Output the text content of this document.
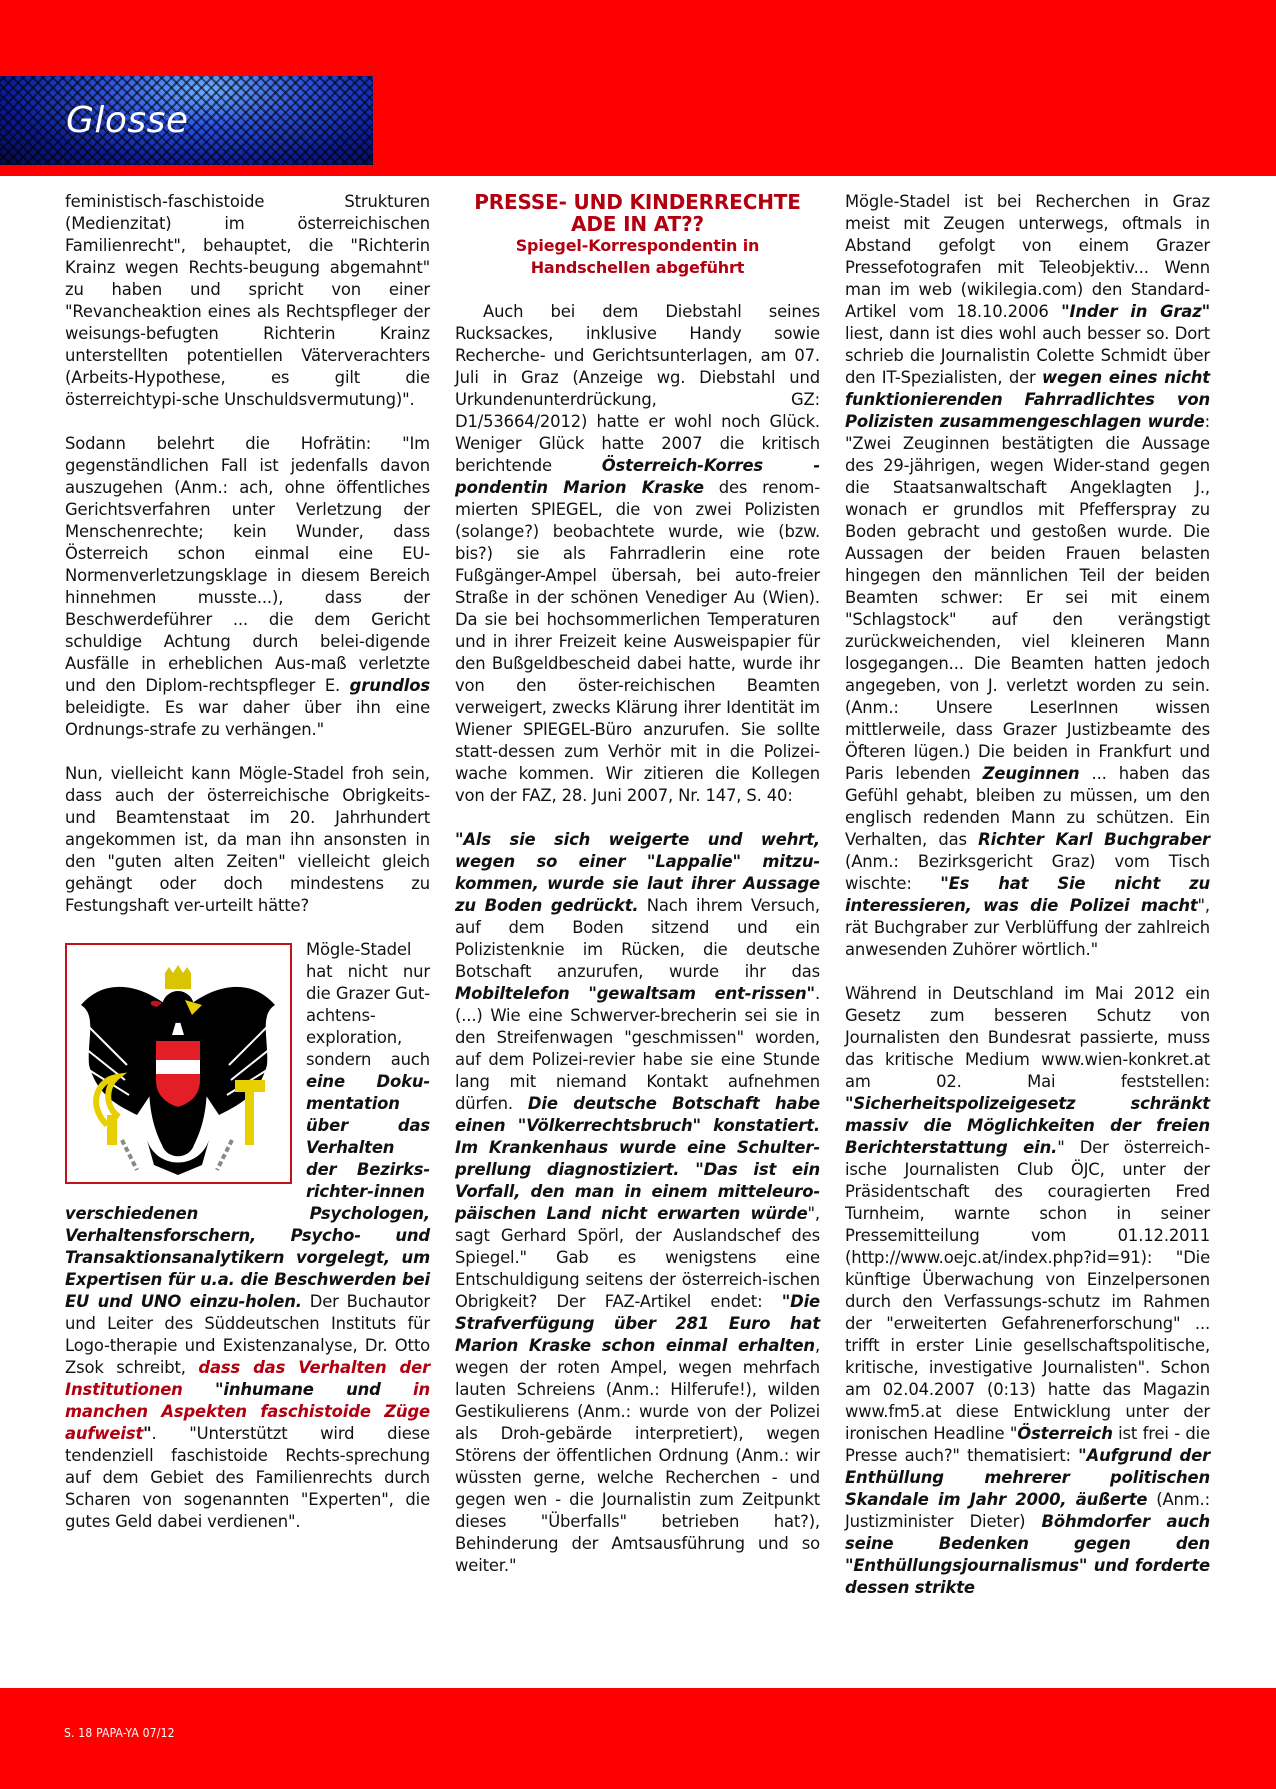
Glosse

feministisch-faschistoide Strukturen (Medienzitat) im österreichischen Familienrecht", behauptet, die "Richterin Krainz wegen Rechts-beugung abgemahnt" zu haben und spricht von einer "Revancheaktion eines als Rechtspfleger der weisungs-befugten Richterin Krainz unterstellten potentiellen Väterverachters (Arbeits-Hypothese, es gilt die österreichtypi-sche Unschuldsvermutung)".

Sodann belehrt die Hofrätin: "Im gegenständlichen Fall ist jedenfalls davon auszugehen (Anm.: ach, ohne öffentliches Gerichtsverfahren unter Verletzung der Menschenrechte; kein Wunder, dass Österreich schon einmal eine EU-Normenverletzungsklage in diesem Bereich hinnehmen musste...), dass der Beschwerdeführer ... die dem Gericht schuldige Achtung durch belei-digende Ausfälle in erheblichen Aus-maß verletzte und den Diplom-rechtspfleger E. grundlos beleidigte. Es war daher über ihn eine Ordnungs-strafe zu verhängen."

Nun, vielleicht kann Mögle-Stadel froh sein, dass auch der österreichische Obrigkeits- und Beamtenstaat im 20. Jahrhundert angekommen ist, da man ihn ansonsten in den "guten alten Zeiten" vielleicht gleich gehängt oder doch mindestens zu Festungshaft ver-urteilt hätte?

Mögle-Stadel hat nicht nur die Grazer Gut-achtens-exploration, sondern auch eine Doku-mentation über das Verhalten der Bezirks-richter-innen verschiedenen Psychologen, Verhaltensforschern, Psycho- und Transaktionsanalytikern vorgelegt, um Expertisen für u.a. die Beschwerden bei EU und UNO einzu-holen. Der Buchautor und Leiter des Süddeutschen Instituts für Logo-therapie und Existenzanalyse, Dr. Otto Zsok schreibt, dass das Verhalten der Institutionen "inhumane und in manchen Aspekten faschistoide Züge aufweist". "Unterstützt wird diese tendenziell faschistoide Rechts-sprechung auf dem Gebiet des Familienrechts durch Scharen von sogenannten "Experten", die gutes Geld dabei verdienen".
PRESSE- UND KINDERRECHTE ADE IN AT??
Spiegel-Korrespondentin in Handschellen abgeführt

Auch bei dem Diebstahl seines Rucksackes, inklusive Handy sowie Recherche- und Gerichtsunterlagen, am 07. Juli in Graz (Anzeige wg. Diebstahl und Urkundenunterdrückung, GZ: D1/53664/2012) hatte er wohl noch Glück. Weniger Glück hatte 2007 die kritisch berichtende Österreich-Korres - pondentin Marion Kraske des renom-mierten SPIEGEL, die von zwei Polizisten (solange?) beobachtete wurde, wie (bzw. bis?) sie als Fahrradlerin eine rote Fußgänger-Ampel übersah, bei auto-freier Straße in der schönen Venediger Au (Wien). Da sie bei hochsommerlichen Temperaturen und in ihrer Freizeit keine Ausweispapier für den Bußgeldbescheid dabei hatte, wurde ihr von den öster-reichischen Beamten verweigert, zwecks Klärung ihrer Identität im Wiener SPIEGEL-Büro anzurufen. Sie sollte statt-dessen zum Verhör mit in die Polizei-wache kommen. Wir zitieren die Kollegen von der FAZ, 28. Juni 2007, Nr. 147, S. 40:

"Als sie sich weigerte und wehrt, wegen so einer "Lappalie" mitzu-kommen, wurde sie laut ihrer Aussage zu Boden gedrückt. Nach ihrem Versuch, auf dem Boden sitzend und ein Polizistenknie im Rücken, die deutsche Botschaft anzurufen, wurde ihr das Mobiltelefon "gewaltsam ent-rissen". (...) Wie eine Schwerver-brecherin sei sie in den Streifenwagen "geschmissen" worden, auf dem Polizei-revier habe sie eine Stunde lang mit niemand Kontakt aufnehmen dürfen. Die deutsche Botschaft habe einen "Völkerrechtsbruch" konstatiert. Im Krankenhaus wurde eine Schulter-prellung diagnostiziert. "Das ist ein Vorfall, den man in einem mitteleuro-päischen Land nicht erwarten würde", sagt Gerhard Spörl, der Auslandschef des Spiegel." Gab es wenigstens eine Entschuldigung seitens der österreich-ischen Obrigkeit? Der FAZ-Artikel endet: "Die Strafverfügung über 281 Euro hat Marion Kraske schon einmal erhalten, wegen der roten Ampel, wegen mehrfach lauten Schreiens (Anm.: Hilferufe!), wilden Gestikulierens (Anm.: wurde von der Polizei als Droh-gebärde interpretiert), wegen Störens der öffentlichen Ordnung (Anm.: wir wüssten gerne, welche Recherchen - und gegen wen - die Journalistin zum Zeitpunkt dieses "Überfalls" betrieben hat?), Behinderung der Amtsausführung und so weiter."

Mögle-Stadel ist bei Recherchen in Graz meist mit Zeugen unterwegs, oftmals in Abstand gefolgt von einem Grazer Pressefotografen mit Teleobjektiv... Wenn man im web (wikilegia.com) den Standard-Artikel vom 18.10.2006 "Inder in Graz" liest, dann ist dies wohl auch besser so. Dort schrieb die Journalistin Colette Schmidt über den IT-Spezialisten, der wegen eines nicht funktionierenden Fahrradlichtes von Polizisten zusammengeschlagen wurde: "Zwei Zeuginnen bestätigten die Aussage des 29-jährigen, wegen Wider-stand gegen die Staatsanwaltschaft Angeklagten J., wonach er grundlos mit Pfefferspray zu Boden gebracht und gestoßen wurde. Die Aussagen der beiden Frauen belasten hingegen den männlichen Teil der beiden Beamten schwer: Er sei mit einem "Schlagstock" auf den verängstigt zurückweichenden, viel kleineren Mann losgegangen... Die Beamten hatten jedoch angegeben, von J. verletzt worden zu sein. (Anm.: Unsere LeserInnen wissen mittlerweile, dass Grazer Justizbeamte des Öfteren lügen.) Die beiden in Frankfurt und Paris lebenden Zeuginnen ... haben das Gefühl gehabt, bleiben zu müssen, um den englisch redenden Mann zu schützen. Ein Verhalten, das Richter Karl Buchgraber (Anm.: Bezirksgericht Graz) vom Tisch wischte: "Es hat Sie nicht zu interessieren, was die Polizei macht", rät Buchgraber zur Verblüffung der zahlreich anwesenden Zuhörer wörtlich."

Während in Deutschland im Mai 2012 ein Gesetz zum besseren Schutz von Journalisten den Bundesrat passierte, muss das kritische Medium www.wien-konkret.at am 02. Mai feststellen: "Sicherheitspolizeigesetz schränkt massiv die Möglichkeiten der freien Berichterstattung ein." Der österreich-ische Journalisten Club ÖJC, unter der Präsidentschaft des couragierten Fred Turnheim, warnte schon in seiner Pressemitteilung vom 01.12.2011 (http://www.oejc.at/index.php?id=91): "Die künftige Überwachung von Einzelpersonen durch den Verfassungs-schutz im Rahmen der "erweiterten Gefahrenerforschung" ... trifft in erster Linie gesellschaftspolitische, kritische, investigative Journalisten". Schon am 02.04.2007 (0:13) hatte das Magazin www.fm5.at diese Entwicklung unter der ironischen Headline "Österreich ist frei - die Presse auch?" thematisiert: "Aufgrund der Enthüllung mehrerer politischen Skandale im Jahr 2000, äußerte (Anm.: Justizminister Dieter) Böhmdorfer auch seine Bedenken gegen den "Enthüllungsjournalismus" und forderte dessen strikte

S. 18 PAPA-YA 07/12
